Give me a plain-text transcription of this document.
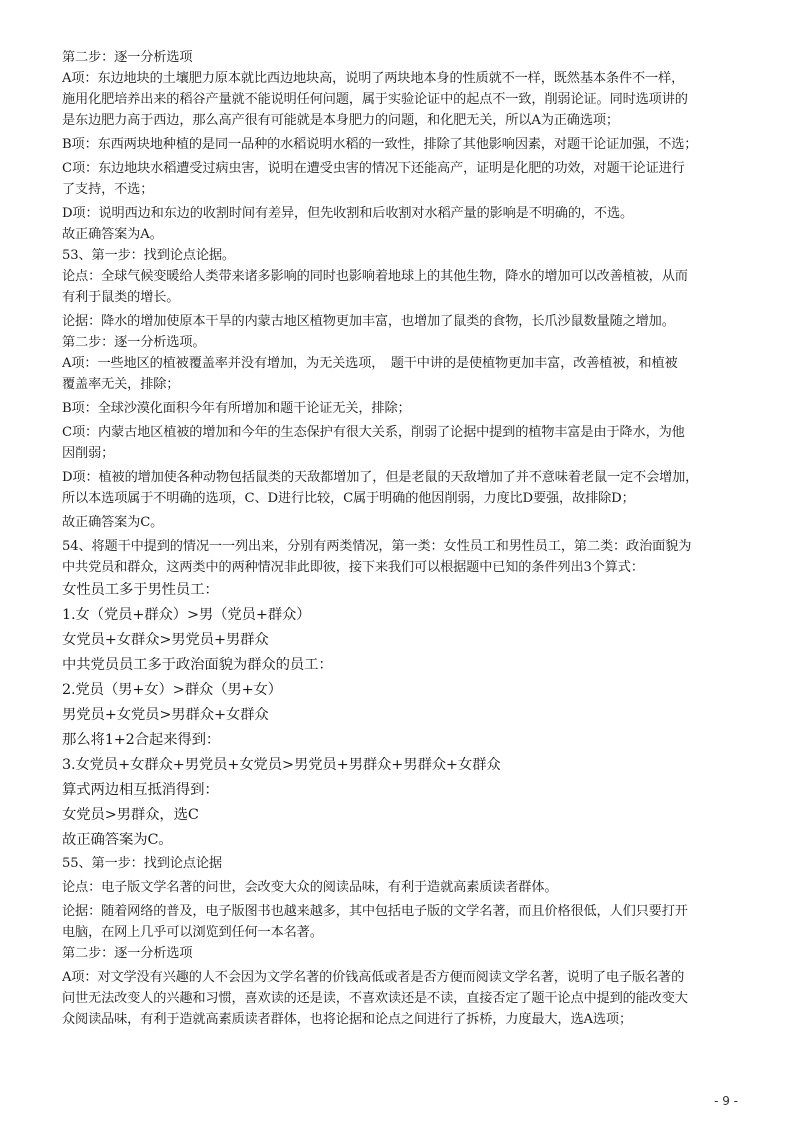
第二步：逐一分析选项
A项：东边地块的土壤肥力原本就比西边地块高，说明了两块地本身的性质就不一样，既然基本条件不一样，
施用化肥培养出来的稻谷产量就不能说明任何问题，属于实验论证中的起点不一致，削弱论证。同时选项讲的
是东边肥力高于西边，那么高产很有可能就是本身肥力的问题，和化肥无关，所以A为正确选项；
B项：东西两块地种植的是同一品种的水稻说明水稻的一致性，排除了其他影响因素，对题干论证加强，不选；
C项：东边地块水稻遭受过病虫害，说明在遭受虫害的情况下还能高产，证明是化肥的功效，对题干论证进行
了支持，不选；
D项：说明西边和东边的收割时间有差异，但先收割和后收割对水稻产量的影响是不明确的，不选。
故正确答案为A。
53、第一步：找到论点论据。
论点：全球气候变暖给人类带来诸多影响的同时也影响着地球上的其他生物，降水的增加可以改善植被，从而
有利于鼠类的增长。
论据：降水的增加使原本干旱的内蒙古地区植物更加丰富，也增加了鼠类的食物，长爪沙鼠数量随之增加。
第二步：逐一分析选项。
A项：一些地区的植被覆盖率并没有增加，为无关选项，　题干中讲的是使植物更加丰富，改善植被，和植被
覆盖率无关，排除；
B项：全球沙漠化面积今年有所增加和题干论证无关，排除；
C项：内蒙古地区植被的增加和今年的生态保护有很大关系，削弱了论据中提到的植物丰富是由于降水，为他
因削弱；
D项：植被的增加使各种动物包括鼠类的天敌都增加了，但是老鼠的天敌增加了并不意味着老鼠一定不会增加，
所以本选项属于不明确的选项，C、D进行比较，C属于明确的他因削弱，力度比D要强，故排除D；
故正确答案为C。
54、将题干中提到的情况一一列出来，分别有两类情况，第一类：女性员工和男性员工，第二类：政治面貌为
中共党员和群众，这两类中的两种情况非此即彼，接下来我们可以根据题中已知的条件列出3个算式：
女性员工多于男性员工：
1.女（党员+群众）>男（党员+群众）
女党员+女群众>男党员+男群众
中共党员员工多于政治面貌为群众的员工：
2.党员（男+女）>群众（男+女）
男党员+女党员>男群众+女群众
那么将1+2合起来得到：
3.女党员+女群众+男党员+女党员>男党员+男群众+男群众+女群众
算式两边相互抵消得到：
女党员>男群众，选C
故正确答案为C。
55、第一步：找到论点论据
论点：电子版文学名著的问世，会改变大众的阅读品味，有利于造就高素质读者群体。
论据：随着网络的普及，电子版图书也越来越多，其中包括电子版的文学名著，而且价格很低，人们只要打开
电脑，在网上几乎可以浏览到任何一本名著。
第二步：逐一分析选项
A项：对文学没有兴趣的人不会因为文学名著的价钱高低或者是否方便而阅读文学名著，说明了电子版名著的
问世无法改变人的兴趣和习惯，喜欢读的还是读，不喜欢读还是不读，直接否定了题干论点中提到的能改变大
众阅读品味，有利于造就高素质读者群体，也将论据和论点之间进行了拆桥，力度最大，选A选项；
- 9 -
